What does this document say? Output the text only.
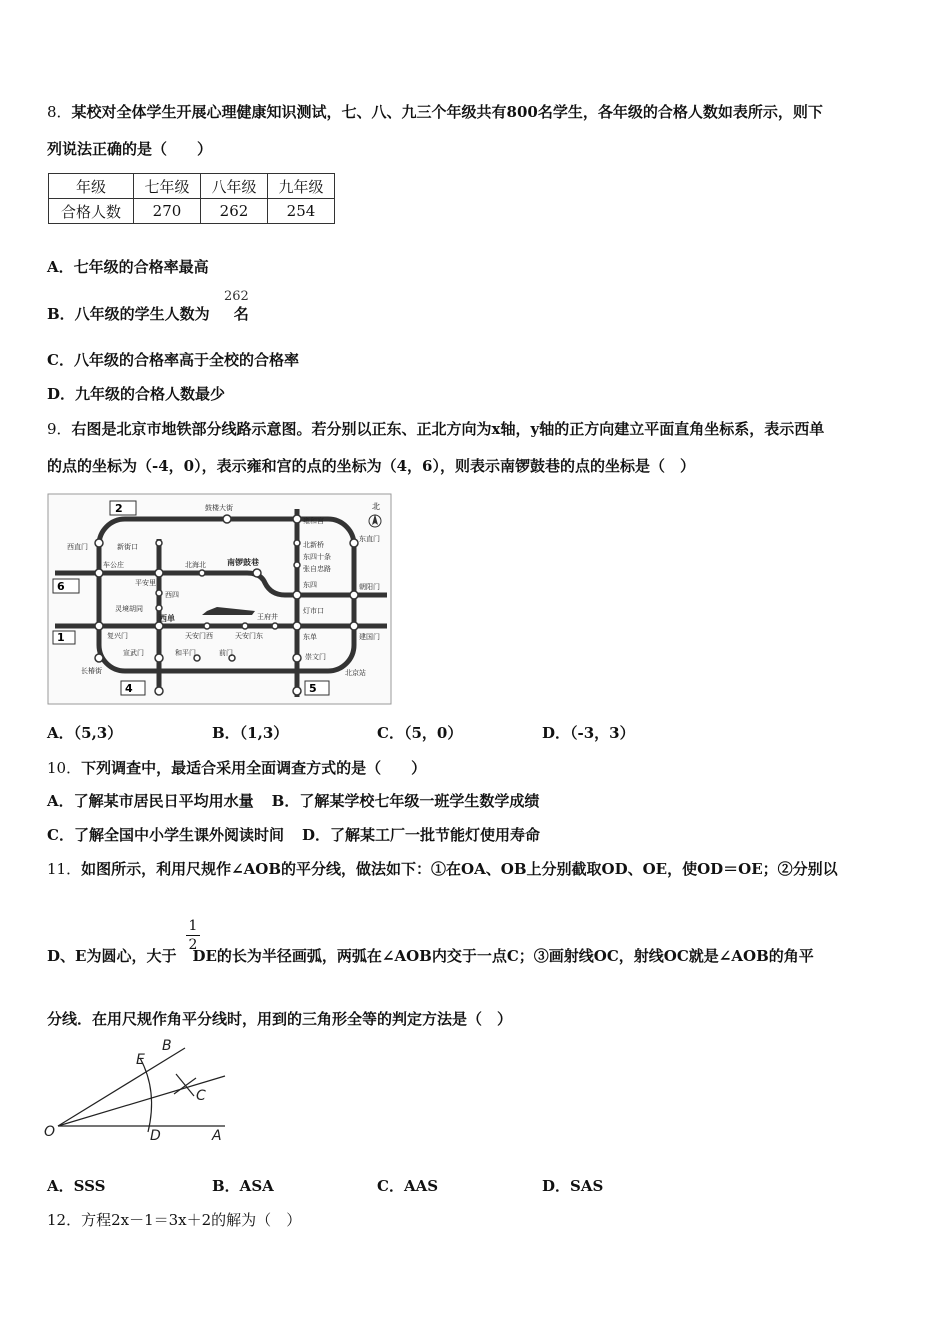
8．某校对全体学生开展心理健康知识测试，七、八、九三个年级共有800名学生，各年级的合格人数如表所示，则下
列说法正确的是（　　）
年级	七年级	八年级	九年级
合格人数	270	262	254
A．七年级的合格率最高
B．八年级的学生人数为 名
262
C．八年级的合格率高于全校的合格率
D．九年级的合格人数最少
9．右图是北京市地铁部分线路示意图。若分别以正东、正北方向为x轴，y轴的正方向建立平面直角坐标系，表示西单
的点的坐标为（-4，0），表示雍和宫的点的坐标为（4，6），则表示南锣鼓巷的点的坐标是（　）
2
6
1
4	5
北
鼓楼大街
雍和宫
北新桥
东四十条
张自忠路
东四
东直门
朝阳门
建国门
西直门	新街口
车公庄
平安里
北海北	南锣鼓巷
西四
灵境胡同	灯市口
西单	王府井
复兴门	天安门西	天安门东	东单
宣武门	和平门	前门	崇文门
长椿街	北京站
A．（5,3）	B．（1,3）	C．（5，0）	D．（-3，3）
10．下列调查中，最适合采用全面调查方式的是（　　）
A．了解某市居民日平均用水量 B．了解某学校七年级一班学生数学成绩
C．了解全国中小学生课外阅读时间 D．了解某工厂一批节能灯使用寿命
11．如图所示，利用尺规作∠AOB的平分线，做法如下：①在OA、OB上分别截取OD、OE，使OD＝OE；②分别以
1
2
D、E为圆心，大于 DE的长为半径画弧，两弧在∠AOB内交于一点C；③画射线OC，射线OC就是∠AOB的角平
分线．在用尺规作角平分线时，用到的三角形全等的判定方法是（　）
B
E
C
O	D	A
A．SSS	B．ASA	C．AAS	D．SAS
12．方程2x－1＝3x＋2的解为（　）
